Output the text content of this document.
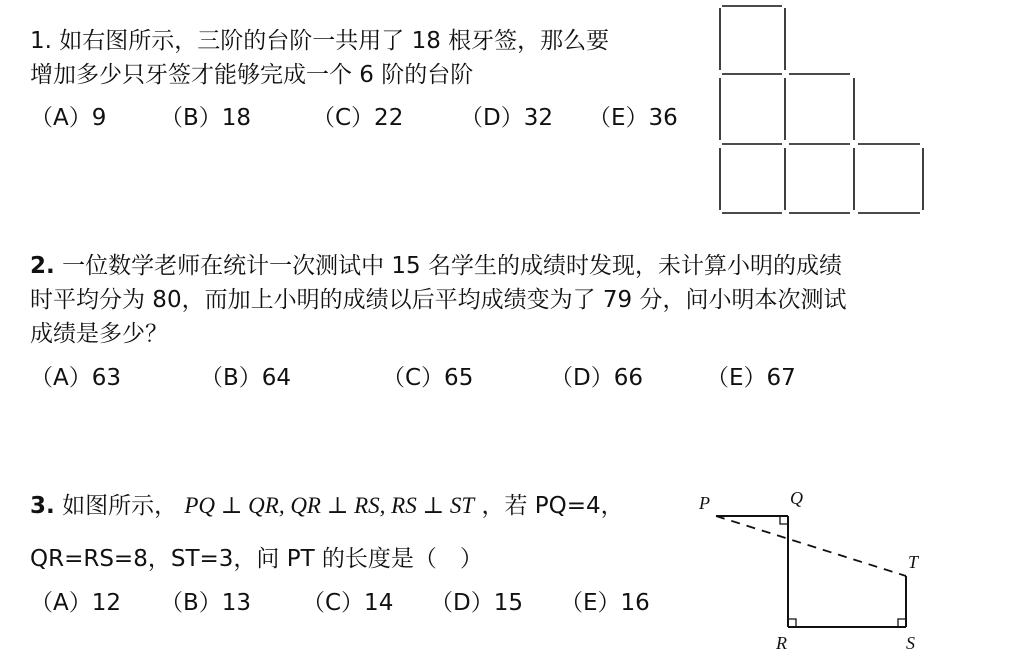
1. 如右图所示，三阶的台阶一共用了 18 根牙签，那么要
增加多少只牙签才能够完成一个 6 阶的台阶
（A）9 （B）18	（C）22 （D）32 （E）36
2. 一位数学老师在统计一次测试中 15 名学生的成绩时发现，未计算小明的成绩
时平均分为 80，而加上小明的成绩以后平均成绩变为了 79 分，问小明本次测试
成绩是多少？
（A）63	（B）64	（C）65	（D）66	（E）67
3. 如图所示， PQ ⊥ QR, QR ⊥ RS, RS ⊥ ST ，若 PQ=4，
QR=RS=8，ST=3，问 PT 的长度是（　）
（A）12 （B）13 （C）14 （D）15 （E）16
P	Q
T
R	S
